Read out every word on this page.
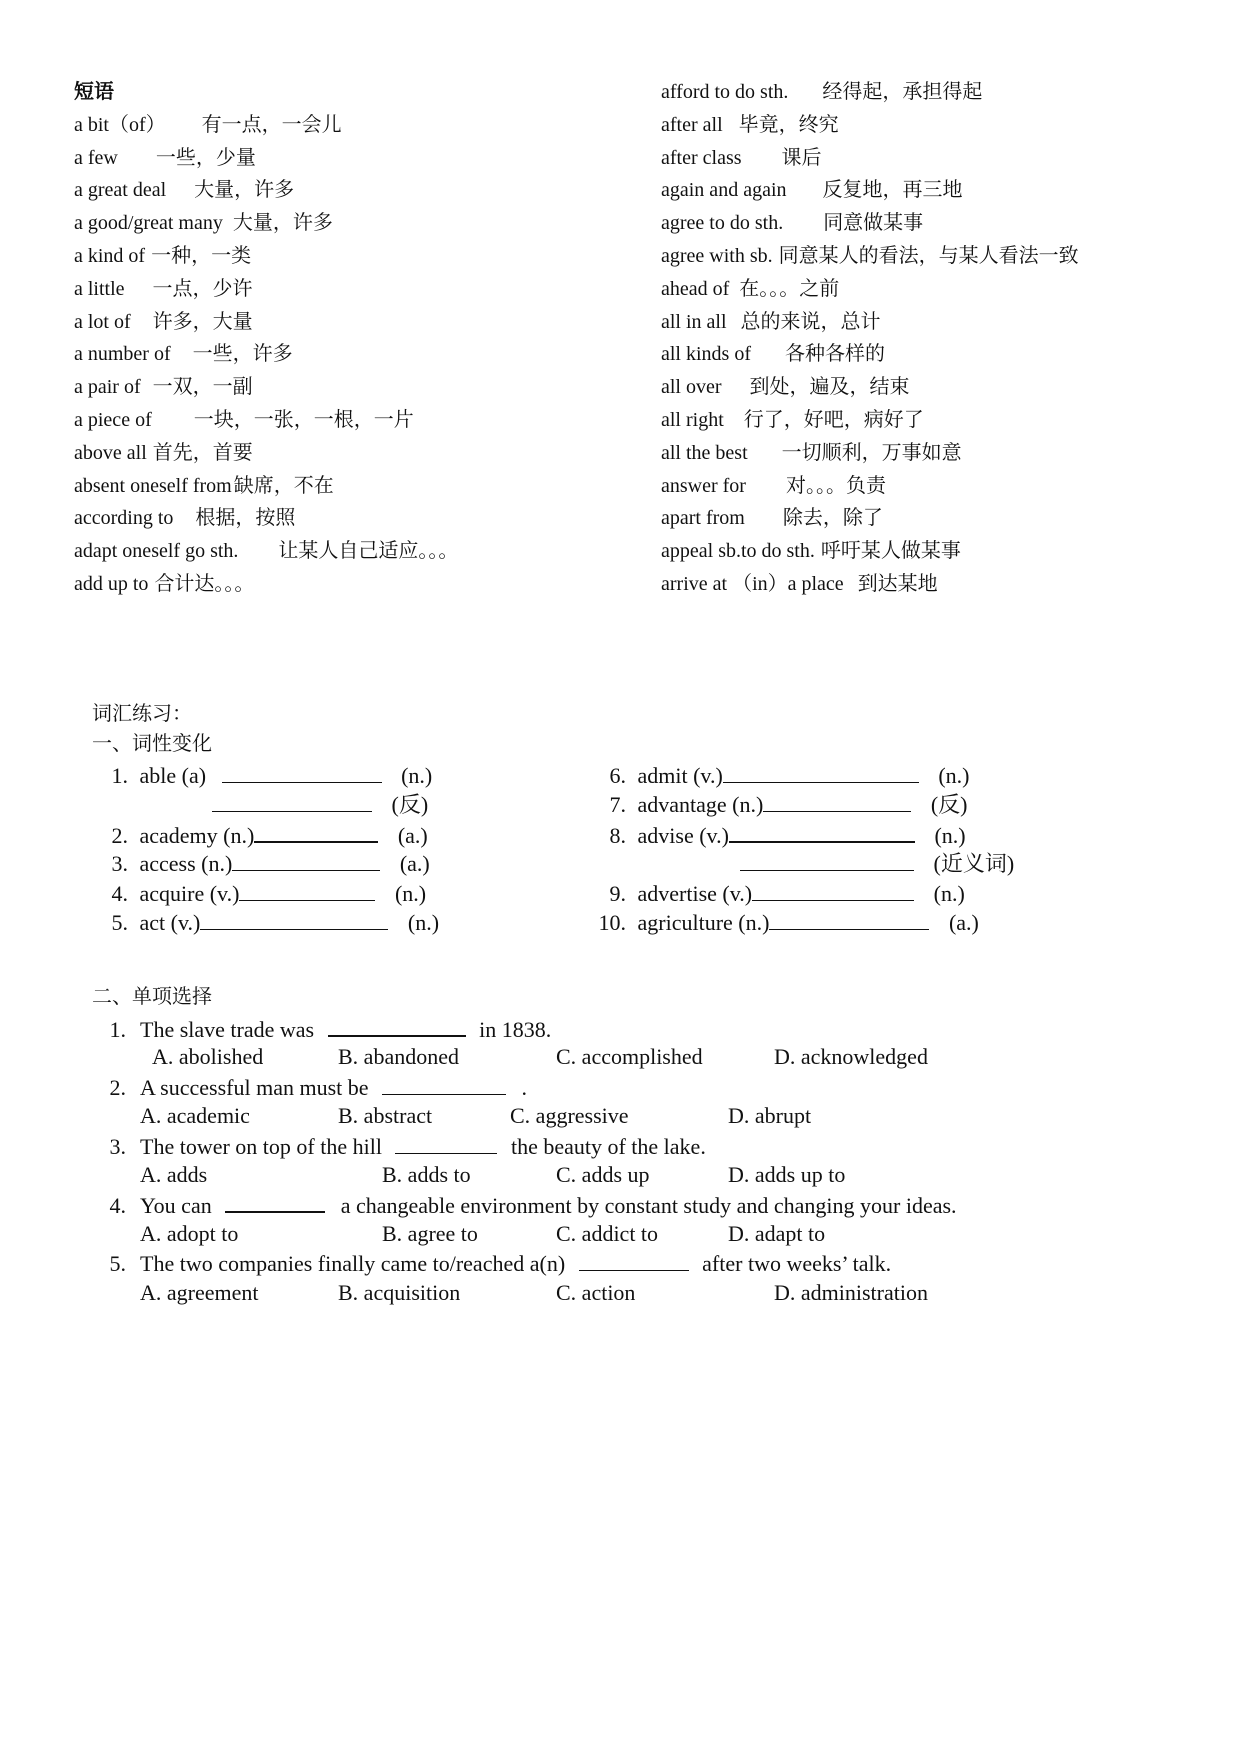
短语
a bit（of） 有一点，一会儿
a few 一些，少量
a great deal 大量，许多
a good/great many 大量，许多
a kind of 一种，一类
a little 一点，少许
a lot of 许多，大量
a number of 一些，许多
a pair of 一双，一副
a piece of 一块，一张，一根，一片
above all 首先，首要
absent oneself from 缺席，不在
according to 根据，按照
adapt oneself go sth. 让某人自己适应。。。
add up to 合计达。。。
afford to do sth. 经得起，承担得起
after all 毕竟，终究
after class 课后
again and again 反复地，再三地
agree to do sth. 同意做某事
agree with sb. 同意某人的看法，与某人看法一致
ahead of 在。。。之前
all in all 总的来说，总计
all kinds of 各种各样的
all over 到处，遍及，结束
all right 行了，好吧，病好了
all the best 一切顺利，万事如意
answer for 对。。。负责
apart from 除去，除了
appeal sb.to do sth. 呼吁某人做某事
arrive at （in）a place 到达某地
词汇练习：
一、词性变化
1. able (a)	(n.)
(反)
2. academy (n.)	(a.)
3. access (n.)	(a.)
4. acquire (v.)	(n.)
5. act (v.)	(n.)
6. admit (v.)	(n.)
7. advantage (n.)	(反)
8. advise (v.)	(n.)
(近义词)
9. advertise (v.)	(n.)
10. agriculture (n.)	(a.)
二、单项选择
1. The slave trade was	in 1838.
A. abolished	B. abandoned	C. accomplished	D. acknowledged
2. A successful man must be	.
A. academic	B. abstract	C. aggressive	D. abrupt
3. The tower on top of the hill	the beauty of the lake.
A. adds	B. adds to	C. adds up	D. adds up to
4. You can	a changeable environment by constant study and changing your ideas.
A. adopt to	B. agree to	C. addict to	D. adapt to
5. The two companies finally came to/reached a(n)	after two weeks’ talk.
A. agreement	B. acquisition	C. action	D. administration
